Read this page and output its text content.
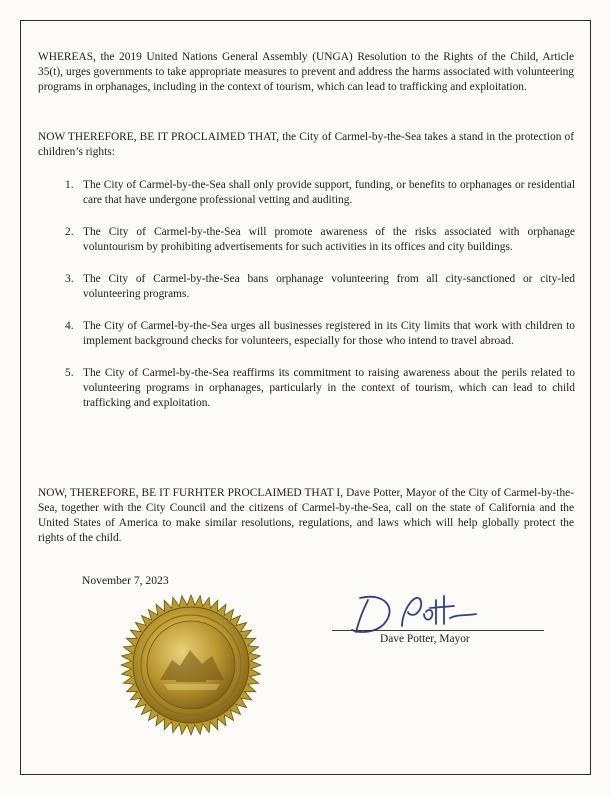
WHEREAS, the 2019 United Nations General Assembly (UNGA) Resolution to the Rights of the Child, Article 35(t), urges governments to take appropriate measures to prevent and address the harms associated with volunteering programs in orphanages, including in the context of tourism, which can lead to trafficking and exploitation.

NOW THEREFORE, BE IT PROCLAIMED THAT, the City of Carmel-by-the-Sea takes a stand in the protection of children’s rights:

1. The City of Carmel-by-the-Sea shall only provide support, funding, or benefits to orphanages or residential care that have undergone professional vetting and auditing.
2. The City of Carmel-by-the-Sea will promote awareness of the risks associated with orphanage voluntourism by prohibiting advertisements for such activities in its offices and city buildings.
3. The City of Carmel-by-the-Sea bans orphanage volunteering from all city-sanctioned or city-led volunteering programs.
4. The City of Carmel-by-the-Sea urges all businesses registered in its City limits that work with children to implement background checks for volunteers, especially for those who intend to travel abroad.
5. The City of Carmel-by-the-Sea reaffirms its commitment to raising awareness about the perils related to volunteering programs in orphanages, particularly in the context of tourism, which can lead to child trafficking and exploitation.

NOW, THEREFORE, BE IT FURHTER PROCLAIMED THAT I, Dave Potter, Mayor of the City of Carmel-by-the-Sea, together with the City Council and the citizens of Carmel-by-the-Sea, call on the state of California and the United States of America to make similar resolutions, regulations, and laws which will help globally protect the rights of the child.

November 7, 2023
Dave Potter, Mayor
